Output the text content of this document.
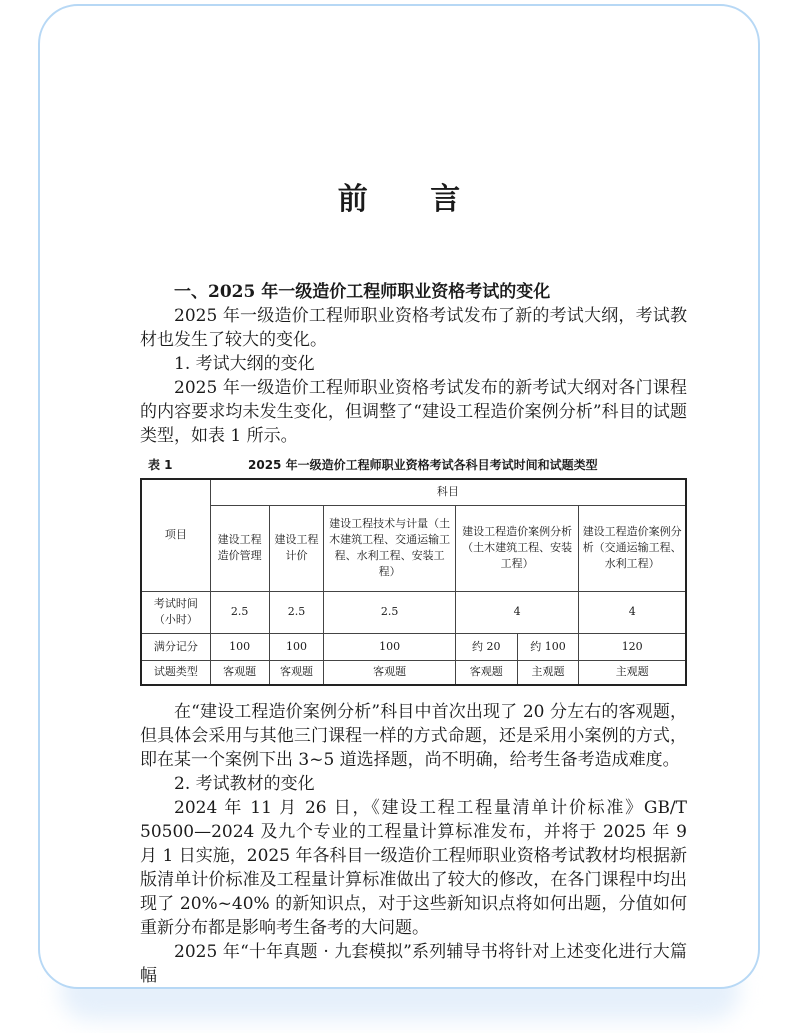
前 言
一、2025 年一级造价工程师职业资格考试的变化

2025 年一级造价工程师职业资格考试发布了新的考试大纲，考试教材也发生了较大的变化。

1. 考试大纲的变化

2025 年一级造价工程师职业资格考试发布的新考试大纲对各门课程的内容要求均未发生变化，但调整了“建设工程造价案例分析”科目的试题类型，如表 1 所示。

表 1	2025 年一级造价工程师职业资格考试各科目考试时间和试题类型
项目	科目					
	建设工程造价管理	建设工程计价	建设工程技术与计量（土木建筑工程、交通运输工程、水利工程、安装工程）	建设工程造价案例分析（土木建筑工程、安装工程）		建设工程造价案例分析（交通运输工程、水利工程）
考试时间（小时）	2.5	2.5	2.5	4		4
满分记分	100	100	100	约 20	约 100	120
试题类型	客观题	客观题	客观题	客观题	主观题	主观题

在“建设工程造价案例分析”科目中首次出现了 20 分左右的客观题，但具体会采用与其他三门课程一样的方式命题，还是采用小案例的方式，即在某一个案例下出 3~5 道选择题，尚不明确，给考生备考造成难度。

2. 考试教材的变化

2024 年 11 月 26 日，《建设工程工程量清单计价标准》GB/T 50500—2024 及九个专业的工程量计算标准发布，并将于 2025 年 9 月 1 日实施，2025 年各科目一级造价工程师职业资格考试教材均根据新版清单计价标准及工程量计算标准做出了较大的修改，在各门课程中均出现了 20%~40% 的新知识点，对于这些新知识点将如何出题，分值如何重新分布都是影响考生备考的大问题。

2025 年“十年真题 · 九套模拟”系列辅导书将针对上述变化进行大篇幅
